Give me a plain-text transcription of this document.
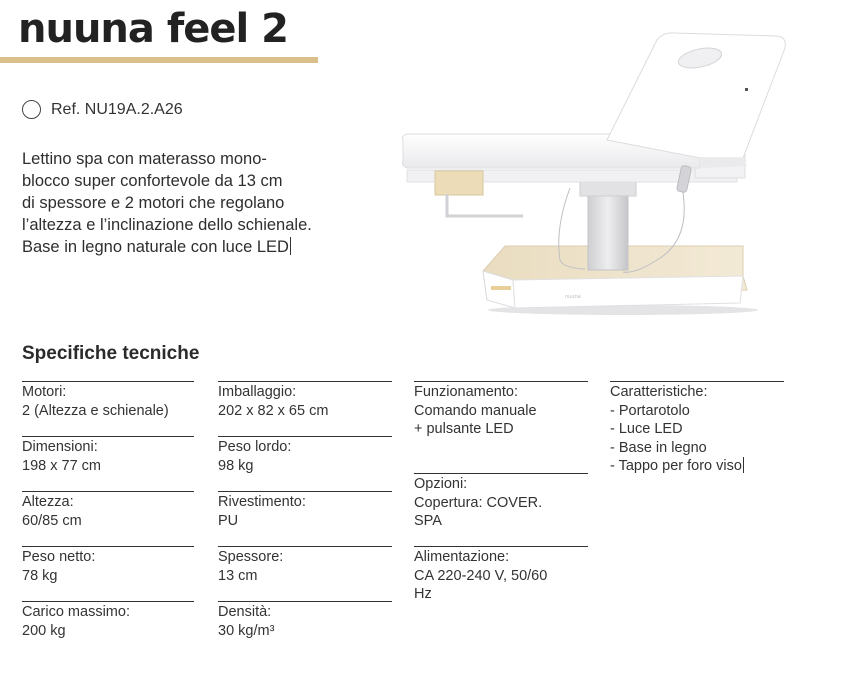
nuuna feel 2
Ref. NU19A.2.A26
Lettino spa con materasso mono-
blocco super confortevole da 13 cm
di spessore e 2 motori che regolano
l’altezza e l’inclinazione dello schienale.
Base in legno naturale con luce LED
nuuna
Specifiche tecniche
Motori :
2 (Altezza e schienale)
Dimensioni :
198 x 77 cm
Altezza :
60/85 cm
Peso netto :
78 kg
Carico massimo :
200 kg
Imballaggio :
202 x 82 x 65 cm
Peso lordo :
98 kg
Rivestimento :
PU
Spessore :
13 cm
Densità :
30 kg/m³
Funzionamento :
Comando manuale
+ pulsante LED
Opzioni :
Copertura: COVER.
SPA
Alimentazione :
CA 220-240 V, 50/60
Hz
Caratteristiche :
- Portarotolo
- Luce LED
- Base in legno
- Tappo per foro viso
